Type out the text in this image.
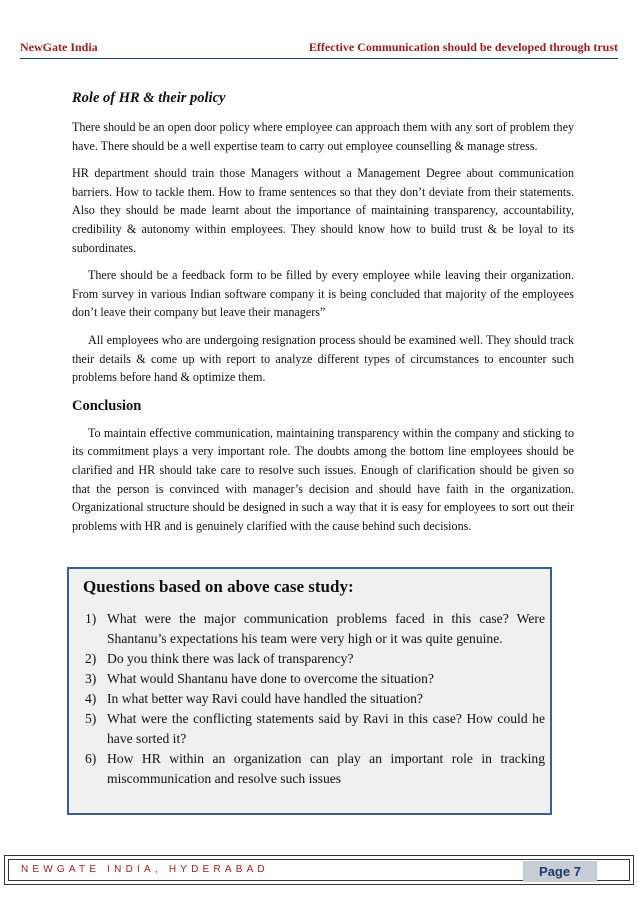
NewGate India	Effective Communication should be developed through trust
Role of HR & their policy

There should be an open door policy where employee can approach them with any sort of problem they have. There should be a well expertise team to carry out employee counselling & manage stress.

HR department should train those Managers without a Management Degree about communication barriers. How to tackle them. How to frame sentences so that they don’t deviate from their statements. Also they should be made learnt about the importance of maintaining transparency, accountability, credibility & autonomy within employees. They should know how to build trust & be loyal to its subordinates.

There should be a feedback form to be filled by every employee while leaving their organization. From survey in various Indian software company it is being concluded that majority of the employees don’t leave their company but leave their managers”

All employees who are undergoing resignation process should be examined well. They should track their details & come up with report to analyze different types of circumstances to encounter such problems before hand & optimize them.

Conclusion

To maintain effective communication, maintaining transparency within the company and sticking to its commitment plays a very important role. The doubts among the bottom line employees should be clarified and HR should take care to resolve such issues. Enough of clarification should be given so that the person is convinced with manager’s decision and should have faith in the organization. Organizational structure should be designed in such a way that it is easy for employees to sort out their problems with HR and is genuinely clarified with the cause behind such decisions.

Questions based on above case study:
1) What were the major communication problems faced in this case? Were Shantanu’s expectations his team were very high or it was quite genuine.
2) Do you think there was lack of transparency?
3) What would Shantanu have done to overcome the situation?
4) In what better way Ravi could have handled the situation?
5) What were the conflicting statements said by Ravi in this case? How could he have sorted it?
6) How HR within an organization can play an important role in tracking miscommunication and resolve such issues
NEWGATE INDIA, HYDERABAD	Page 7
